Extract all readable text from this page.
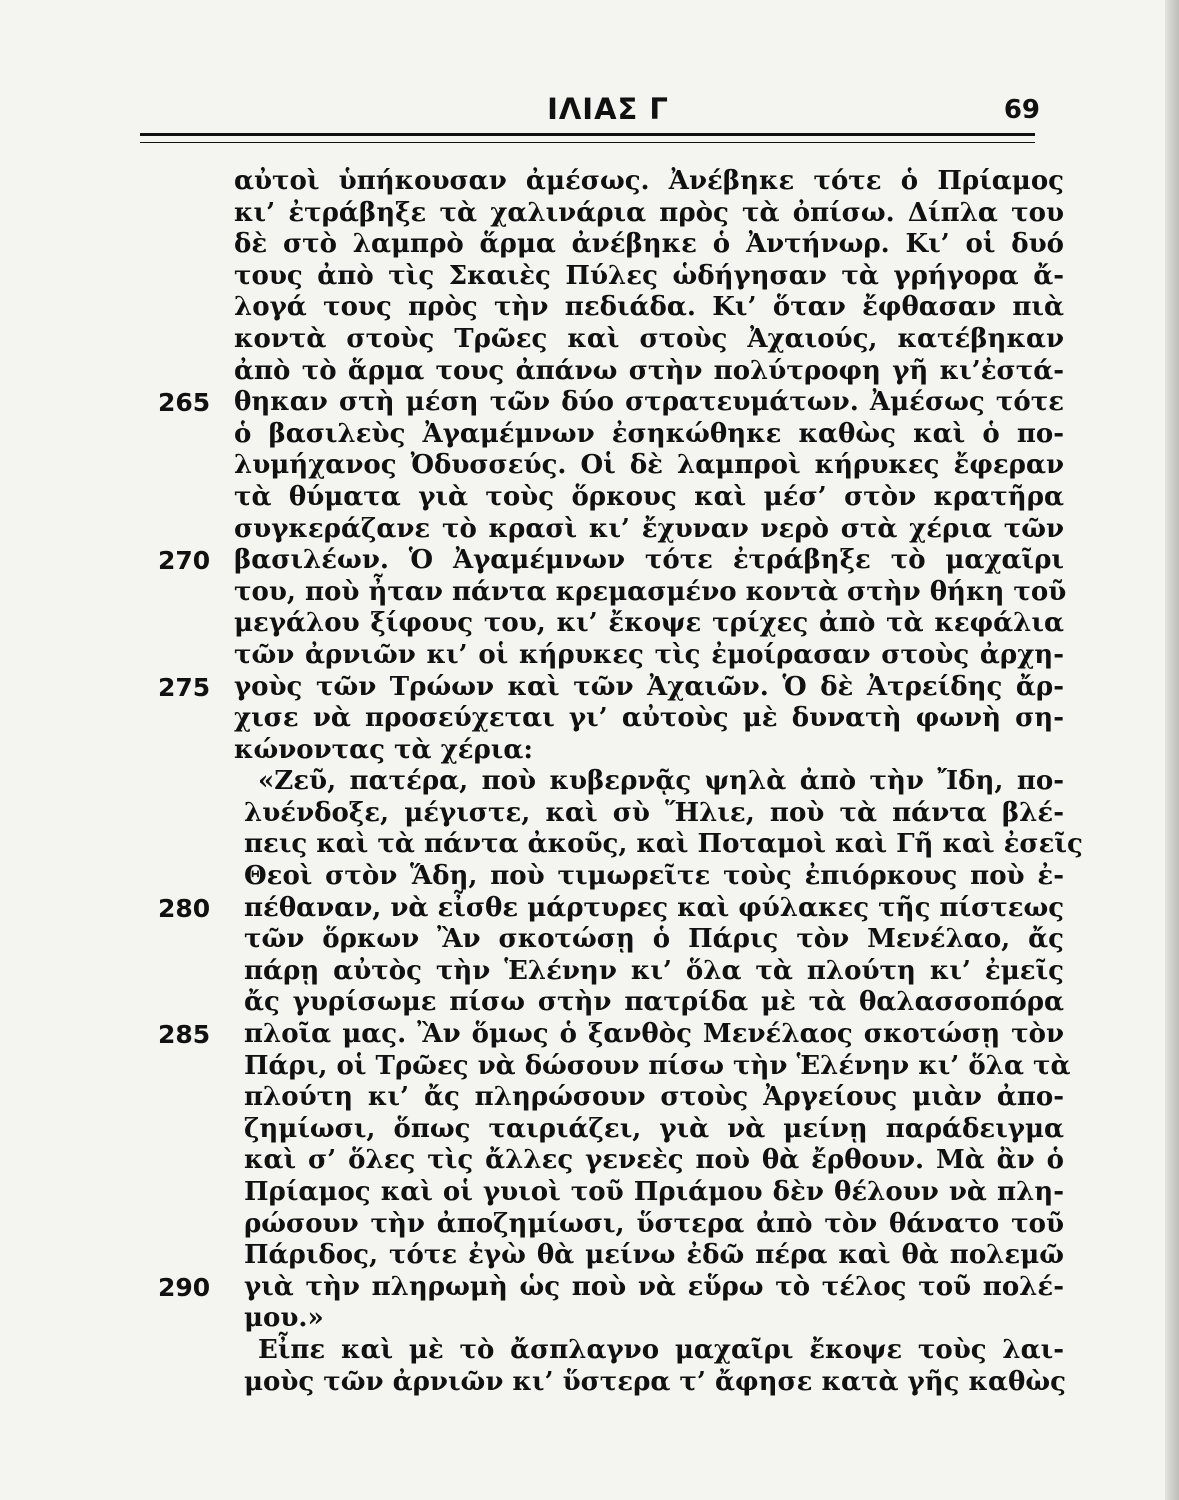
ΙΛΙΑΣ Γ	69
αὐτοὶ ὑπήκουσαν ἀμέσως. Ἀνέβηκε τότε ὁ Πρίαμος
κι’ ἐτράβηξε τὰ χαλινάρια πρὸς τὰ ὀπίσω. Δίπλα του
δὲ στὸ λαμπρὸ ἅρμα ἀνέβηκε ὁ Ἀντήνωρ. Κι’ οἱ δυό
τους ἀπὸ τὶς Σκαιὲς Πύλες ὡδήγησαν τὰ γρήγορα ἄ-
λογά τους πρὸς τὴν πεδιάδα. Κι’ ὅταν ἔφθασαν πιὰ
κοντὰ στοὺς Τρῶες καὶ στοὺς Ἀχαιούς, κατέβηκαν
ἀπὸ τὸ ἅρμα τους ἀπάνω στὴν πολύτροφη γῆ κι’ἐστά-
265 θηκαν στὴ μέση τῶν δύο στρατευμάτων. Ἀμέσως τότε
ὁ βασιλεὺς Ἀγαμέμνων ἐσηκώθηκε καθὼς καὶ ὁ πο-
λυμήχανος Ὀδυσσεύς. Οἱ δὲ λαμπροὶ κήρυκες ἔφεραν
τὰ θύματα γιὰ τοὺς ὅρκους καὶ μέσ’ στὸν κρατῆρα
συγκεράζανε τὸ κρασὶ κι’ ἔχυναν νερὸ στὰ χέρια τῶν
270 βασιλέων. Ὁ Ἀγαμέμνων τότε ἐτράβηξε τὸ μαχαῖρι
του, ποὺ ἦταν πάντα κρεμασμένο κοντὰ στὴν θήκη τοῦ
μεγάλου ξίφους του, κι’ ἔκοψε τρίχες ἀπὸ τὰ κεφάλια
τῶν ἀρνιῶν κι’ οἱ κήρυκες τὶς ἐμοίρασαν στοὺς ἀρχη-
275 γοὺς τῶν Τρώων καὶ τῶν Ἀχαιῶν. Ὁ δὲ Ἀτρείδης ἄρ-
χισε νὰ προσεύχεται γι’ αὐτοὺς μὲ δυνατὴ φωνὴ ση-
κώνοντας τὰ χέρια:
«Ζεῦ, πατέρα, ποὺ κυβερνᾷς ψηλὰ ἀπὸ τὴν Ἴδη, πο-
λυένδοξε, μέγιστε, καὶ σὺ Ἥλιε, ποὺ τὰ πάντα βλέ-
πεις καὶ τὰ πάντα ἀκοῦς, καὶ Ποταμοὶ καὶ Γῆ καὶ ἐσεῖς
Θεοὶ στὸν Ἅδη, ποὺ τιμωρεῖτε τοὺς ἐπιόρκους ποὺ ἐ-
280	πέθαναν, νὰ εἶσθε μάρτυρες καὶ φύλακες τῆς πίστεως
τῶν ὅρκων Ἂν σκοτώσῃ ὁ Πάρις τὸν Μενέλαο, ἄς
πάρῃ αὐτὸς τὴν Ἑλένην κι’ ὅλα τὰ πλούτη κι’ ἐμεῖς
ἄς γυρίσωμε πίσω στὴν πατρίδα μὲ τὰ θαλασσοπόρα
285	πλοῖα μας. Ἂν ὅμως ὁ ξανθὸς Μενέλαος σκοτώσῃ τὸν
Πάρι, οἱ Τρῶες νὰ δώσουν πίσω τὴν Ἑλένην κι’ ὅλα τὰ
πλούτη κι’ ἄς πληρώσουν στοὺς Ἀργείους μιὰν ἀπο-
ζημίωσι, ὅπως ταιριάζει, γιὰ νὰ μείνῃ παράδειγμα
καὶ σ’ ὅλες τὶς ἄλλες γενεὲς ποὺ θὰ ἔρθουν. Μὰ ἂν ὁ
Πρίαμος καὶ οἱ γυιοὶ τοῦ Πριάμου δὲν θέλουν νὰ πλη-
ρώσουν τὴν ἀποζημίωσι, ὕστερα ἀπὸ τὸν θάνατο τοῦ
Πάριδος, τότε ἐγὼ θὰ μείνω ἐδῶ πέρα καὶ θὰ πολεμῶ
290	γιὰ τὴν πληρωμὴ ὡς ποὺ νὰ εὕρω τὸ τέλος τοῦ πολέ-
μου.»
Εἶπε καὶ μὲ τὸ ἄσπλαγνο μαχαῖρι ἔκοψε τοὺς λαι-
μοὺς τῶν ἀρνιῶν κι’ ὕστερα τ’ ἄφησε κατὰ γῆς καθὼς
